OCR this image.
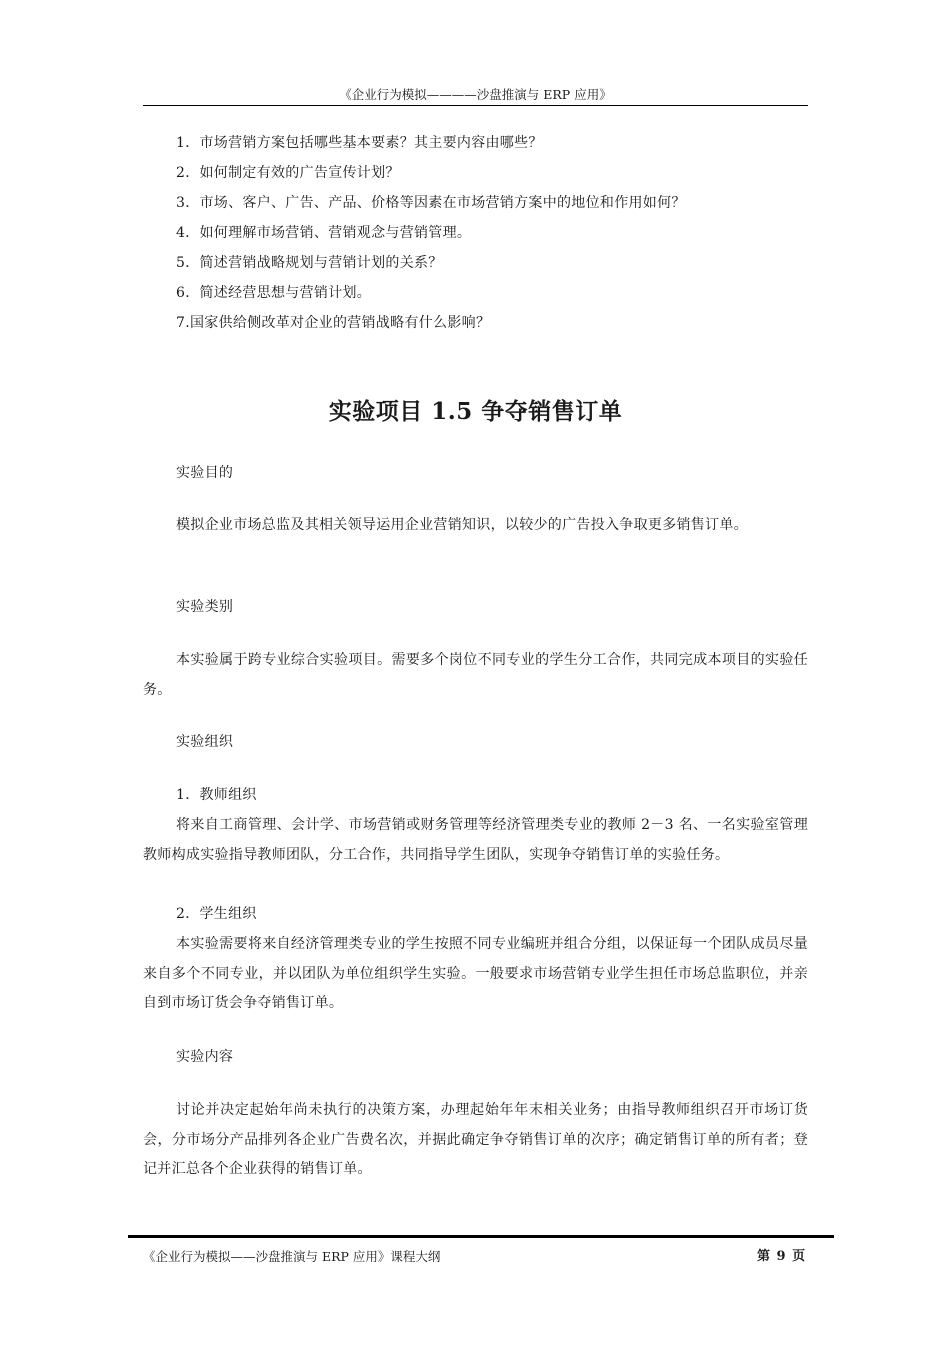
《企业行为模拟————沙盘推演与 ERP 应用》
1．市场营销方案包括哪些基本要素？其主要内容由哪些？
2．如何制定有效的广告宣传计划？
3．市场、客户、广告、产品、价格等因素在市场营销方案中的地位和作用如何？
4．如何理解市场营销、营销观念与营销管理。
5．简述营销战略规划与营销计划的关系？
6．简述经营思想与营销计划。
7.国家供给侧改革对企业的营销战略有什么影响？
实验项目 1.5 争夺销售订单
实验目的
模拟企业市场总监及其相关领导运用企业营销知识，以较少的广告投入争取更多销售订单。
实验类别
本实验属于跨专业综合实验项目。需要多个岗位不同专业的学生分工合作，共同完成本项目的实验任务。
实验组织
1．教师组织
将来自工商管理、会计学、市场营销或财务管理等经济管理类专业的教师 2－3 名、一名实验室管理教师构成实验指导教师团队，分工合作，共同指导学生团队，实现争夺销售订单的实验任务。
2．学生组织
本实验需要将来自经济管理类专业的学生按照不同专业编班并组合分组，以保证每一个团队成员尽量来自多个不同专业，并以团队为单位组织学生实验。一般要求市场营销专业学生担任市场总监职位，并亲自到市场订货会争夺销售订单。
实验内容
讨论并决定起始年尚未执行的决策方案，办理起始年年末相关业务；由指导教师组织召开市场订货会，分市场分产品排列各企业广告费名次，并据此确定争夺销售订单的次序；确定销售订单的所有者；登记并汇总各个企业获得的销售订单。
《企业行为模拟——沙盘推演与 ERP 应用》课程大纲	第 9 页
